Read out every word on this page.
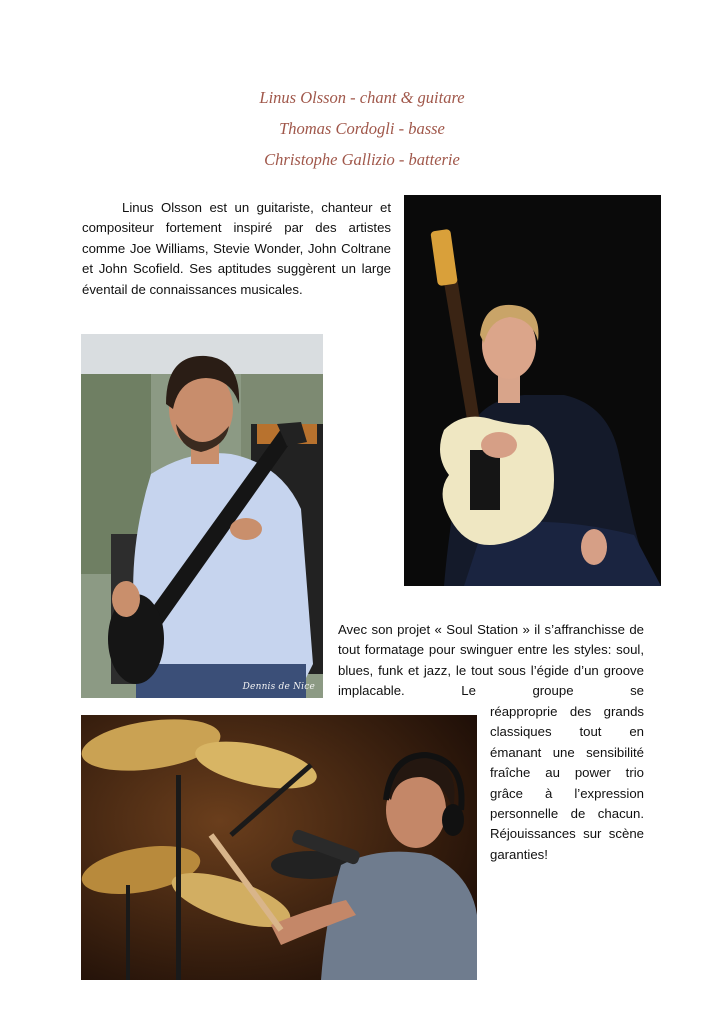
Linus Olsson - chant & guitare
Thomas Cordogli - basse
Christophe Gallizio - batterie
Linus Olsson est un guitariste, chanteur et compositeur fortement inspiré par des artistes comme Joe Williams, Stevie Wonder, John Coltrane et John Scofield. Ses aptitudes suggèrent un large éventail de connaissances musicales.
Dennis de Nice
Avec son projet « Soul Station » il s’affranchisse de tout formatage pour swinguer entre les styles: soul, blues, funk et jazz, le tout sous l’égide d’un groove implacable. Le groupe se
réapproprie des grands classiques tout en émanant une sensibilité fraîche au power trio grâce à l’expression personnelle de chacun. Réjouissances sur scène garanties!
